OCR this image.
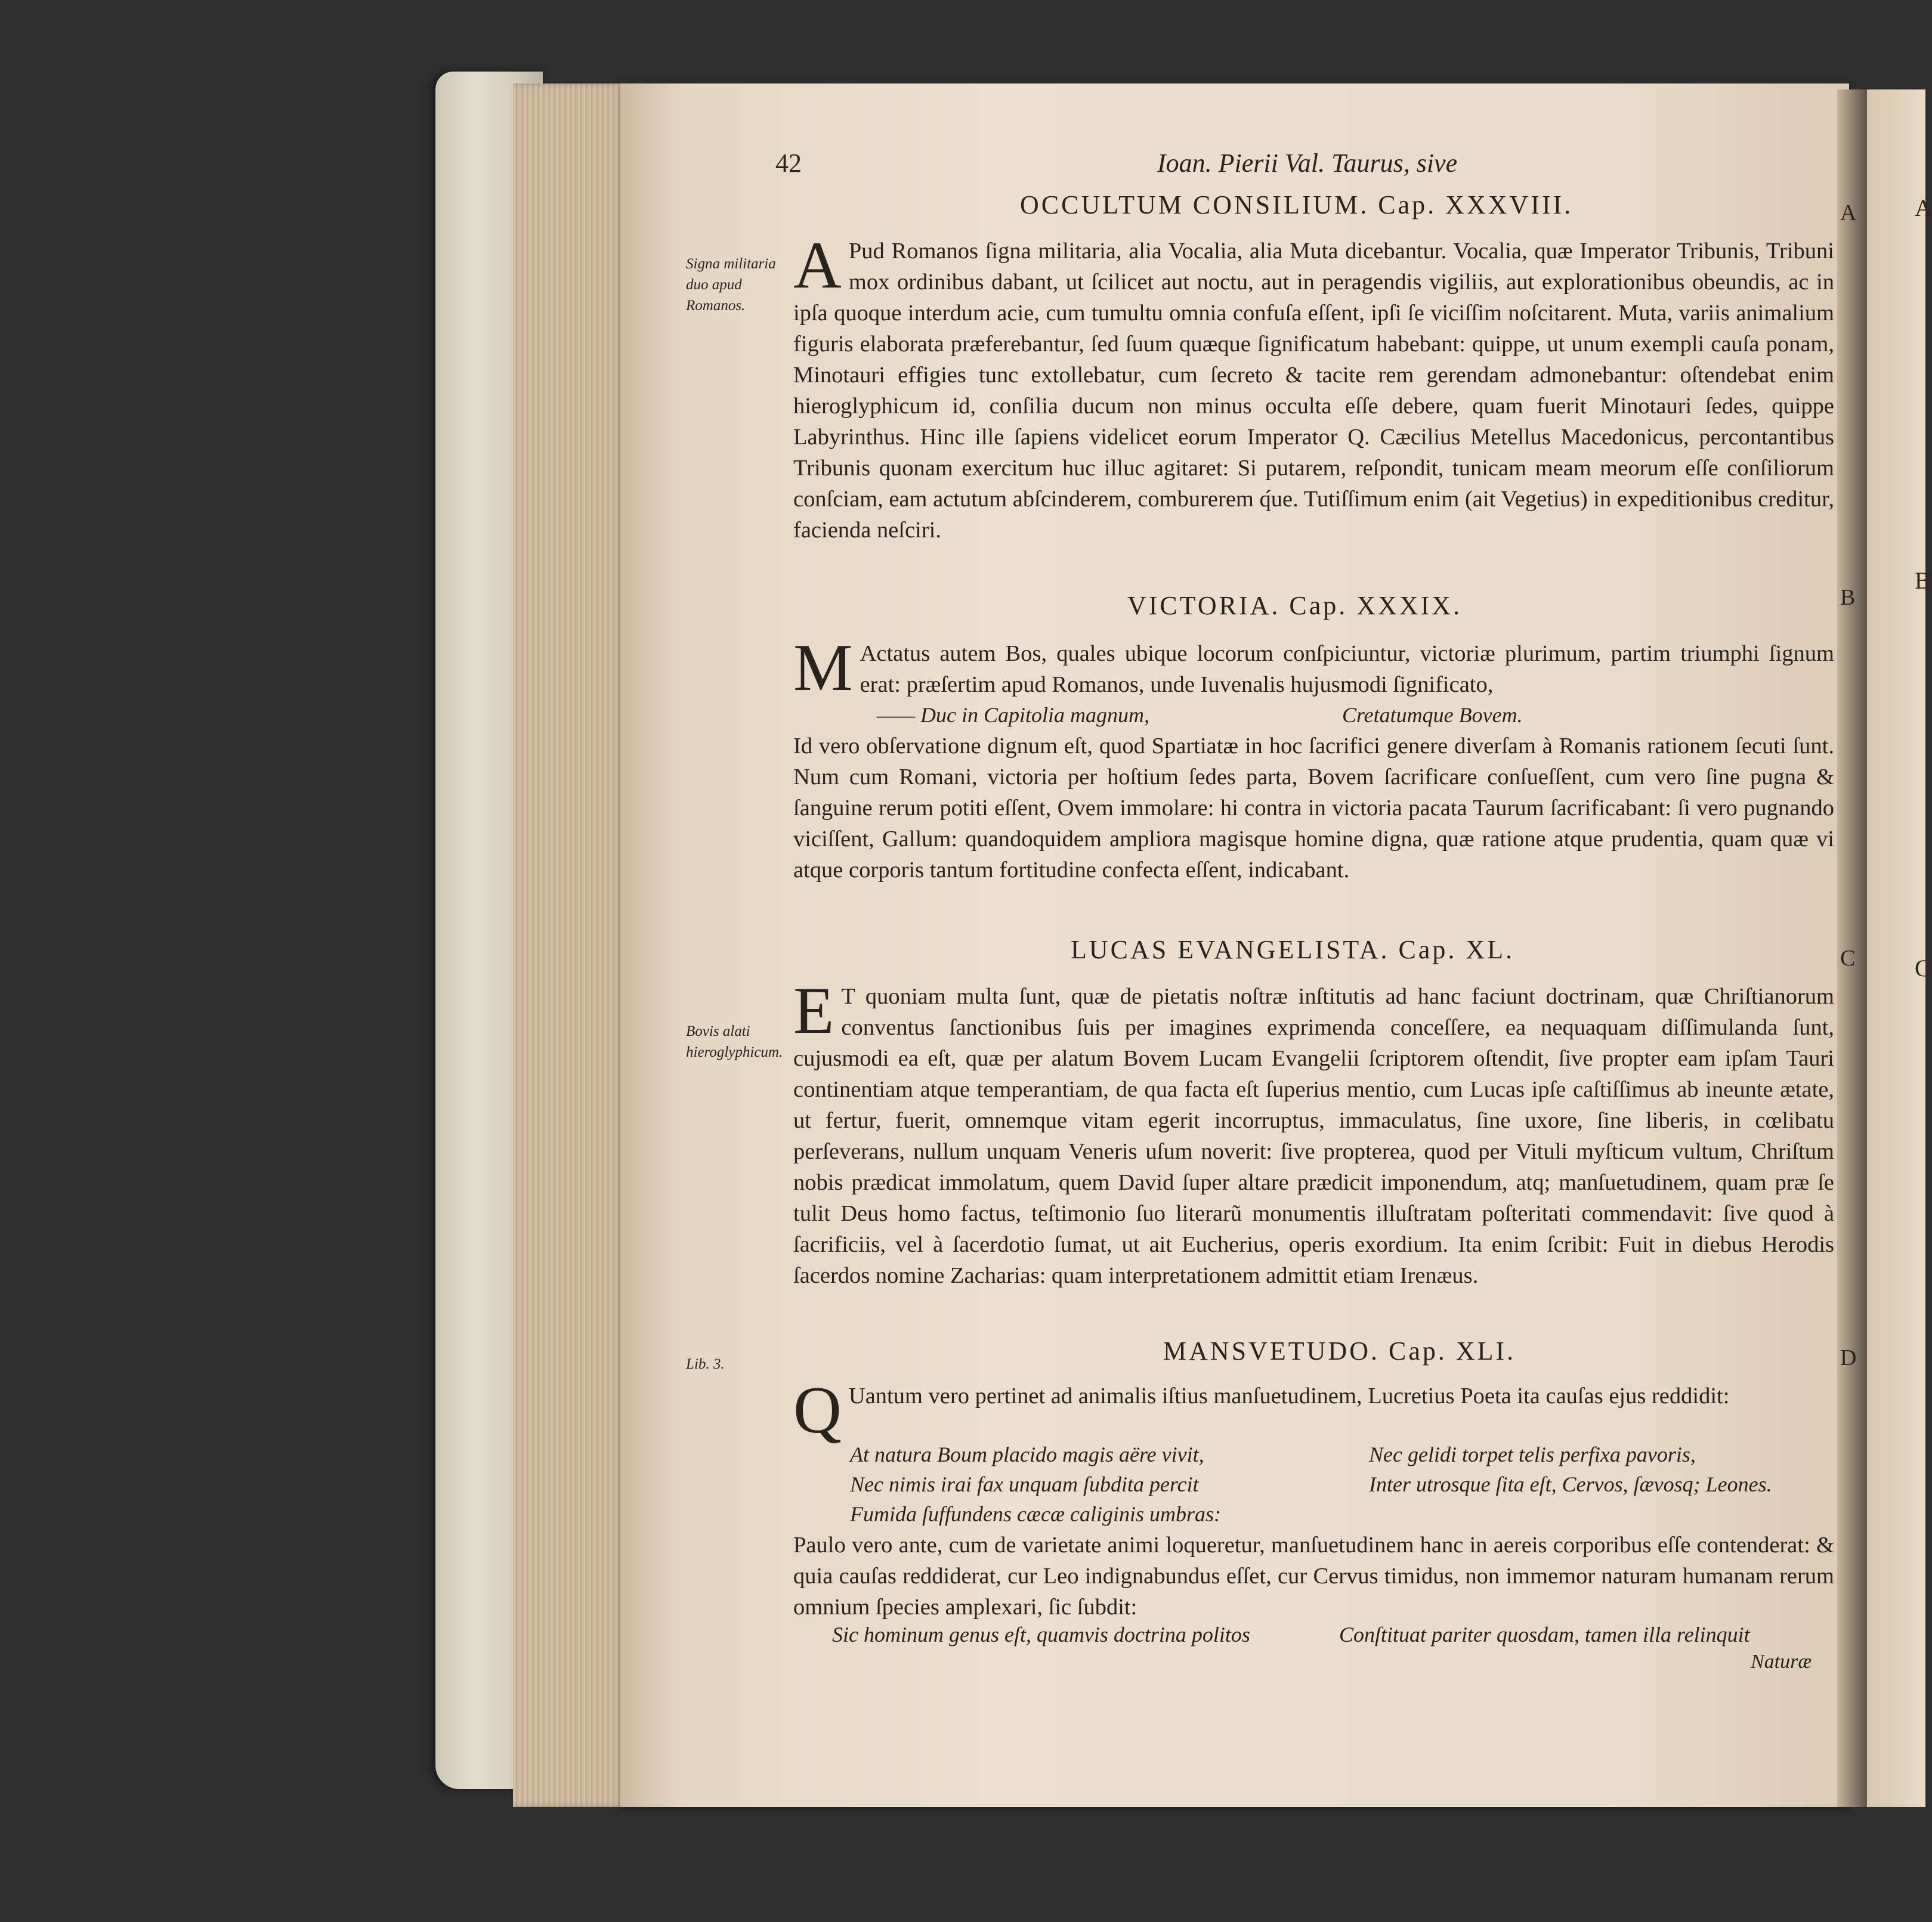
A
B
C
42	Ioan. Pierii Val. Taurus, sive
A
B
C
D
OCCULTUM CONSILIUM. Cap. XXXVIII.
Signa militaria duo apud Romanos.
A Pud Romanos ſigna militaria, alia Vocalia, alia Muta dicebantur. Vocalia, quæ Imperator Tribunis, Tribuni mox ordinibus dabant, ut ſcilicet aut noctu, aut in peragendis vigiliis, aut explorationibus obeundis, ac in ipſa quoque interdum acie, cum tumultu omnia confuſa eſſent, ipſi ſe viciſſim noſcitarent. Muta, variis animalium figuris elaborata præferebantur, ſed ſuum quæque ſignificatum habebant: quippe, ut unum exempli cauſa ponam, Minotauri effigies tunc extollebatur, cum ſecreto & tacite rem gerendam admonebantur: oſtendebat enim hieroglyphicum id, conſilia ducum non minus occulta eſſe debere, quam fuerit Minotauri ſedes, quippe Labyrinthus. Hinc ille ſapiens videlicet eorum Imperator Q. Cæcilius Metellus Macedonicus, percontantibus Tribunis quonam exercitum huc illuc agitaret: Si putarem, reſpondit, tunicam meam meorum eſſe conſiliorum conſciam, eam actutum abſcinderem, comburerem q́ue. Tutiſſimum enim (ait Vegetius) in expeditionibus creditur, facienda neſciri.
VICTORIA. Cap. XXXIX.
M Actatus autem Bos, quales ubique locorum conſpiciuntur, victoriæ plurimum, partim triumphi ſignum erat: præſertim apud Romanos, unde Iuvenalis hujusmodi ſignificato,
—— Duc in Capitolia magnum,	Cretatumque Bovem.
Id vero obſervatione dignum eſt, quod Spartiatæ in hoc ſacrifici genere diverſam à Romanis rationem ſecuti ſunt. Num cum Romani, victoria per hoſtium ſedes parta, Bovem ſacrificare conſueſſent, cum vero ſine pugna & ſanguine rerum potiti eſſent, Ovem immolare: hi contra in victoria pacata Taurum ſacrificabant: ſi vero pugnando viciſſent, Gallum: quandoquidem ampliora magisque homine digna, quæ ratione atque prudentia, quam quæ vi atque corporis tantum fortitudine confecta eſſent, indicabant.
LUCAS EVANGELISTA. Cap. XL.
Bovis alati hieroglyphicum.
E T quoniam multa ſunt, quæ de pietatis noſtræ inſtitutis ad hanc faciunt doctrinam, quæ Chriſtianorum conventus ſanctionibus ſuis per imagines exprimenda conceſſere, ea nequaquam diſſimulanda ſunt, cujusmodi ea eſt, quæ per alatum Bovem Lucam Evangelii ſcriptorem oſtendit, ſive propter eam ipſam Tauri continentiam atque temperantiam, de qua facta eſt ſuperius mentio, cum Lucas ipſe caſtiſſimus ab ineunte ætate, ut fertur, fuerit, omnemque vitam egerit incorruptus, immaculatus, ſine uxore, ſine liberis, in cœlibatu perſeverans, nullum unquam Veneris uſum noverit: ſive propterea, quod per Vituli myſticum vultum, Chriſtum nobis prædicat immolatum, quem David ſuper altare prædicit imponendum, atq; manſuetudinem, quam præ ſe tulit Deus homo factus, teſtimonio ſuo literarũ monumentis illuſtratam poſteritati commendavit: ſive quod à ſacrificiis, vel à ſacerdotio ſumat, ut ait Eucherius, operis exordium. Ita enim ſcribit: Fuit in diebus Herodis ſacerdos nomine Zacharias: quam interpretationem admittit etiam Irenæus.
MANSVETUDO. Cap. XLI.
Lib. 3.
Q Uantum vero pertinet ad animalis iſtius manſuetudinem, Lucretius Poeta ita cauſas ejus reddidit:
At natura Boum placido magis aëre vivit,
Nec nimis irai fax unquam ſubdita percit
Fumida ſuffundens cæcæ caliginis umbras:
Nec gelidi torpet telis perfixa pavoris,
Inter utrosque ſita eſt, Cervos, ſævosq; Leones.
Paulo vero ante, cum de varietate animi loqueretur, manſuetudinem hanc in aereis corporibus eſſe contenderat: & quia cauſas reddiderat, cur Leo indignabundus eſſet, cur Cervus timidus, non immemor naturam humanam rerum omnium ſpecies amplexari, ſic ſubdit:
Sic hominum genus eſt, quamvis doctrina politos	Conſtituat pariter quosdam, tamen illa relinquit
Naturæ
